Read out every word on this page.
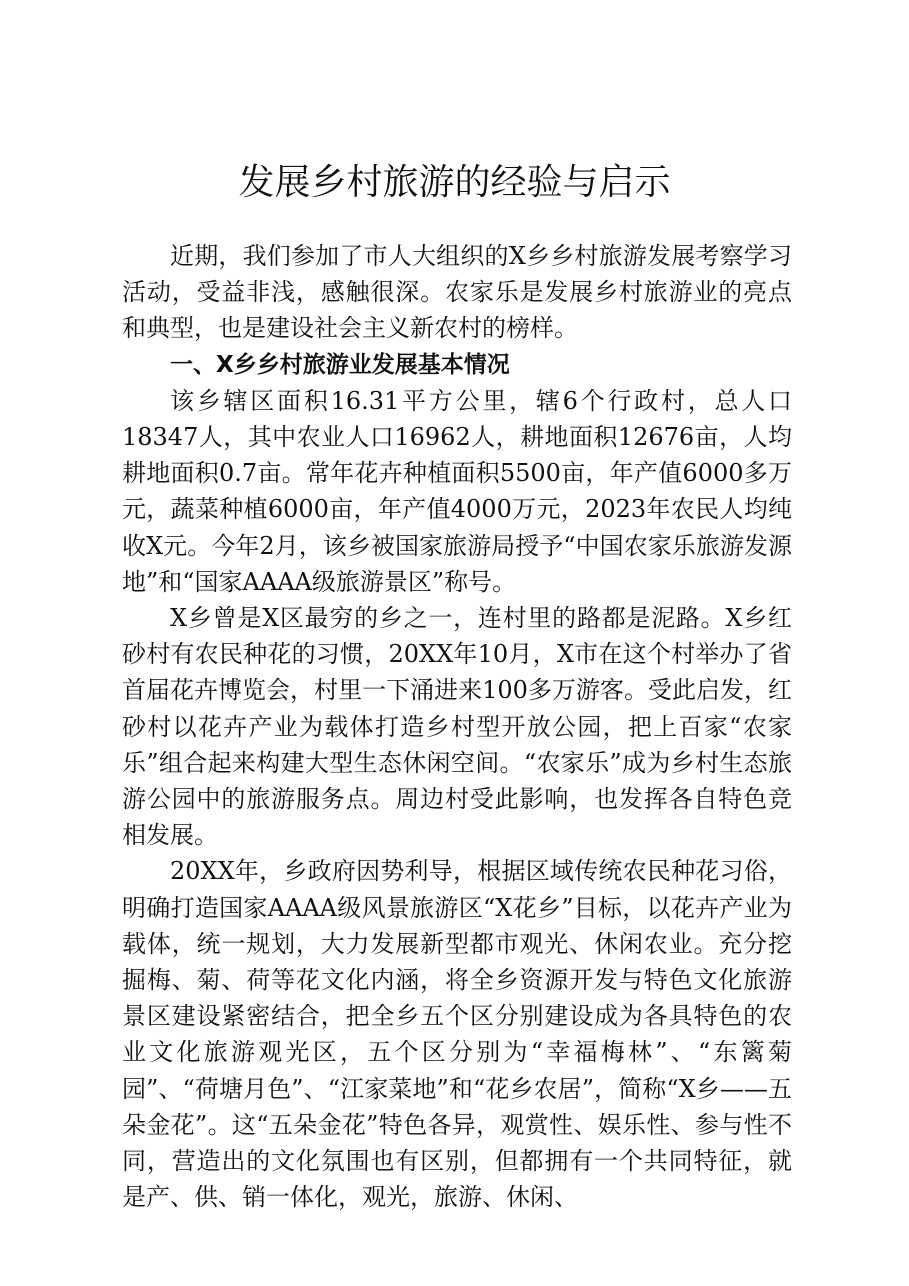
发展乡村旅游的经验与启示

近期，我们参加了市人大组织的X乡乡村旅游发展考察学习活动，受益非浅，感触很深。农家乐是发展乡村旅游业的亮点和典型，也是建设社会主义新农村的榜样。

一、X乡乡村旅游业发展基本情况

该乡辖区面积16.31平方公里，辖6个行政村，总人口18347人，其中农业人口16962人，耕地面积12676亩，人均耕地面积0.7亩。常年花卉种植面积5500亩，年产值6000多万元，蔬菜种植6000亩，年产值4000万元，2023年农民人均纯收X元。今年2月，该乡被国家旅游局授予“中国农家乐旅游发源地”和“国家AAAA级旅游景区”称号。

X乡曾是X区最穷的乡之一，连村里的路都是泥路。X乡红砂村有农民种花的习惯，20XX年10月，X市在这个村举办了省首届花卉博览会，村里一下涌进来100多万游客。受此启发，红砂村以花卉产业为载体打造乡村型开放公园，把上百家“农家乐”组合起来构建大型生态休闲空间。“农家乐”成为乡村生态旅游公园中的旅游服务点。周边村受此影响，也发挥各自特色竞相发展。

20XX年，乡政府因势利导，根据区域传统农民种花习俗，明确打造国家AAAA级风景旅游区“X花乡”目标，以花卉产业为载体，统一规划，大力发展新型都市观光、休闲农业。充分挖掘梅、菊、荷等花文化内涵，将全乡资源开发与特色文化旅游景区建设紧密结合，把全乡五个区分别建设成为各具特色的农业文化旅游观光区，五个区分别为“幸福梅林”、“东篱菊园”、“荷塘月色”、“江家菜地”和“花乡农居”，简称“X乡——五朵金花”。这“五朵金花”特色各异，观赏性、娱乐性、参与性不同，营造出的文化氛围也有区别，但都拥有一个共同特征，就是产、供、销一体化，观光，旅游、休闲、
